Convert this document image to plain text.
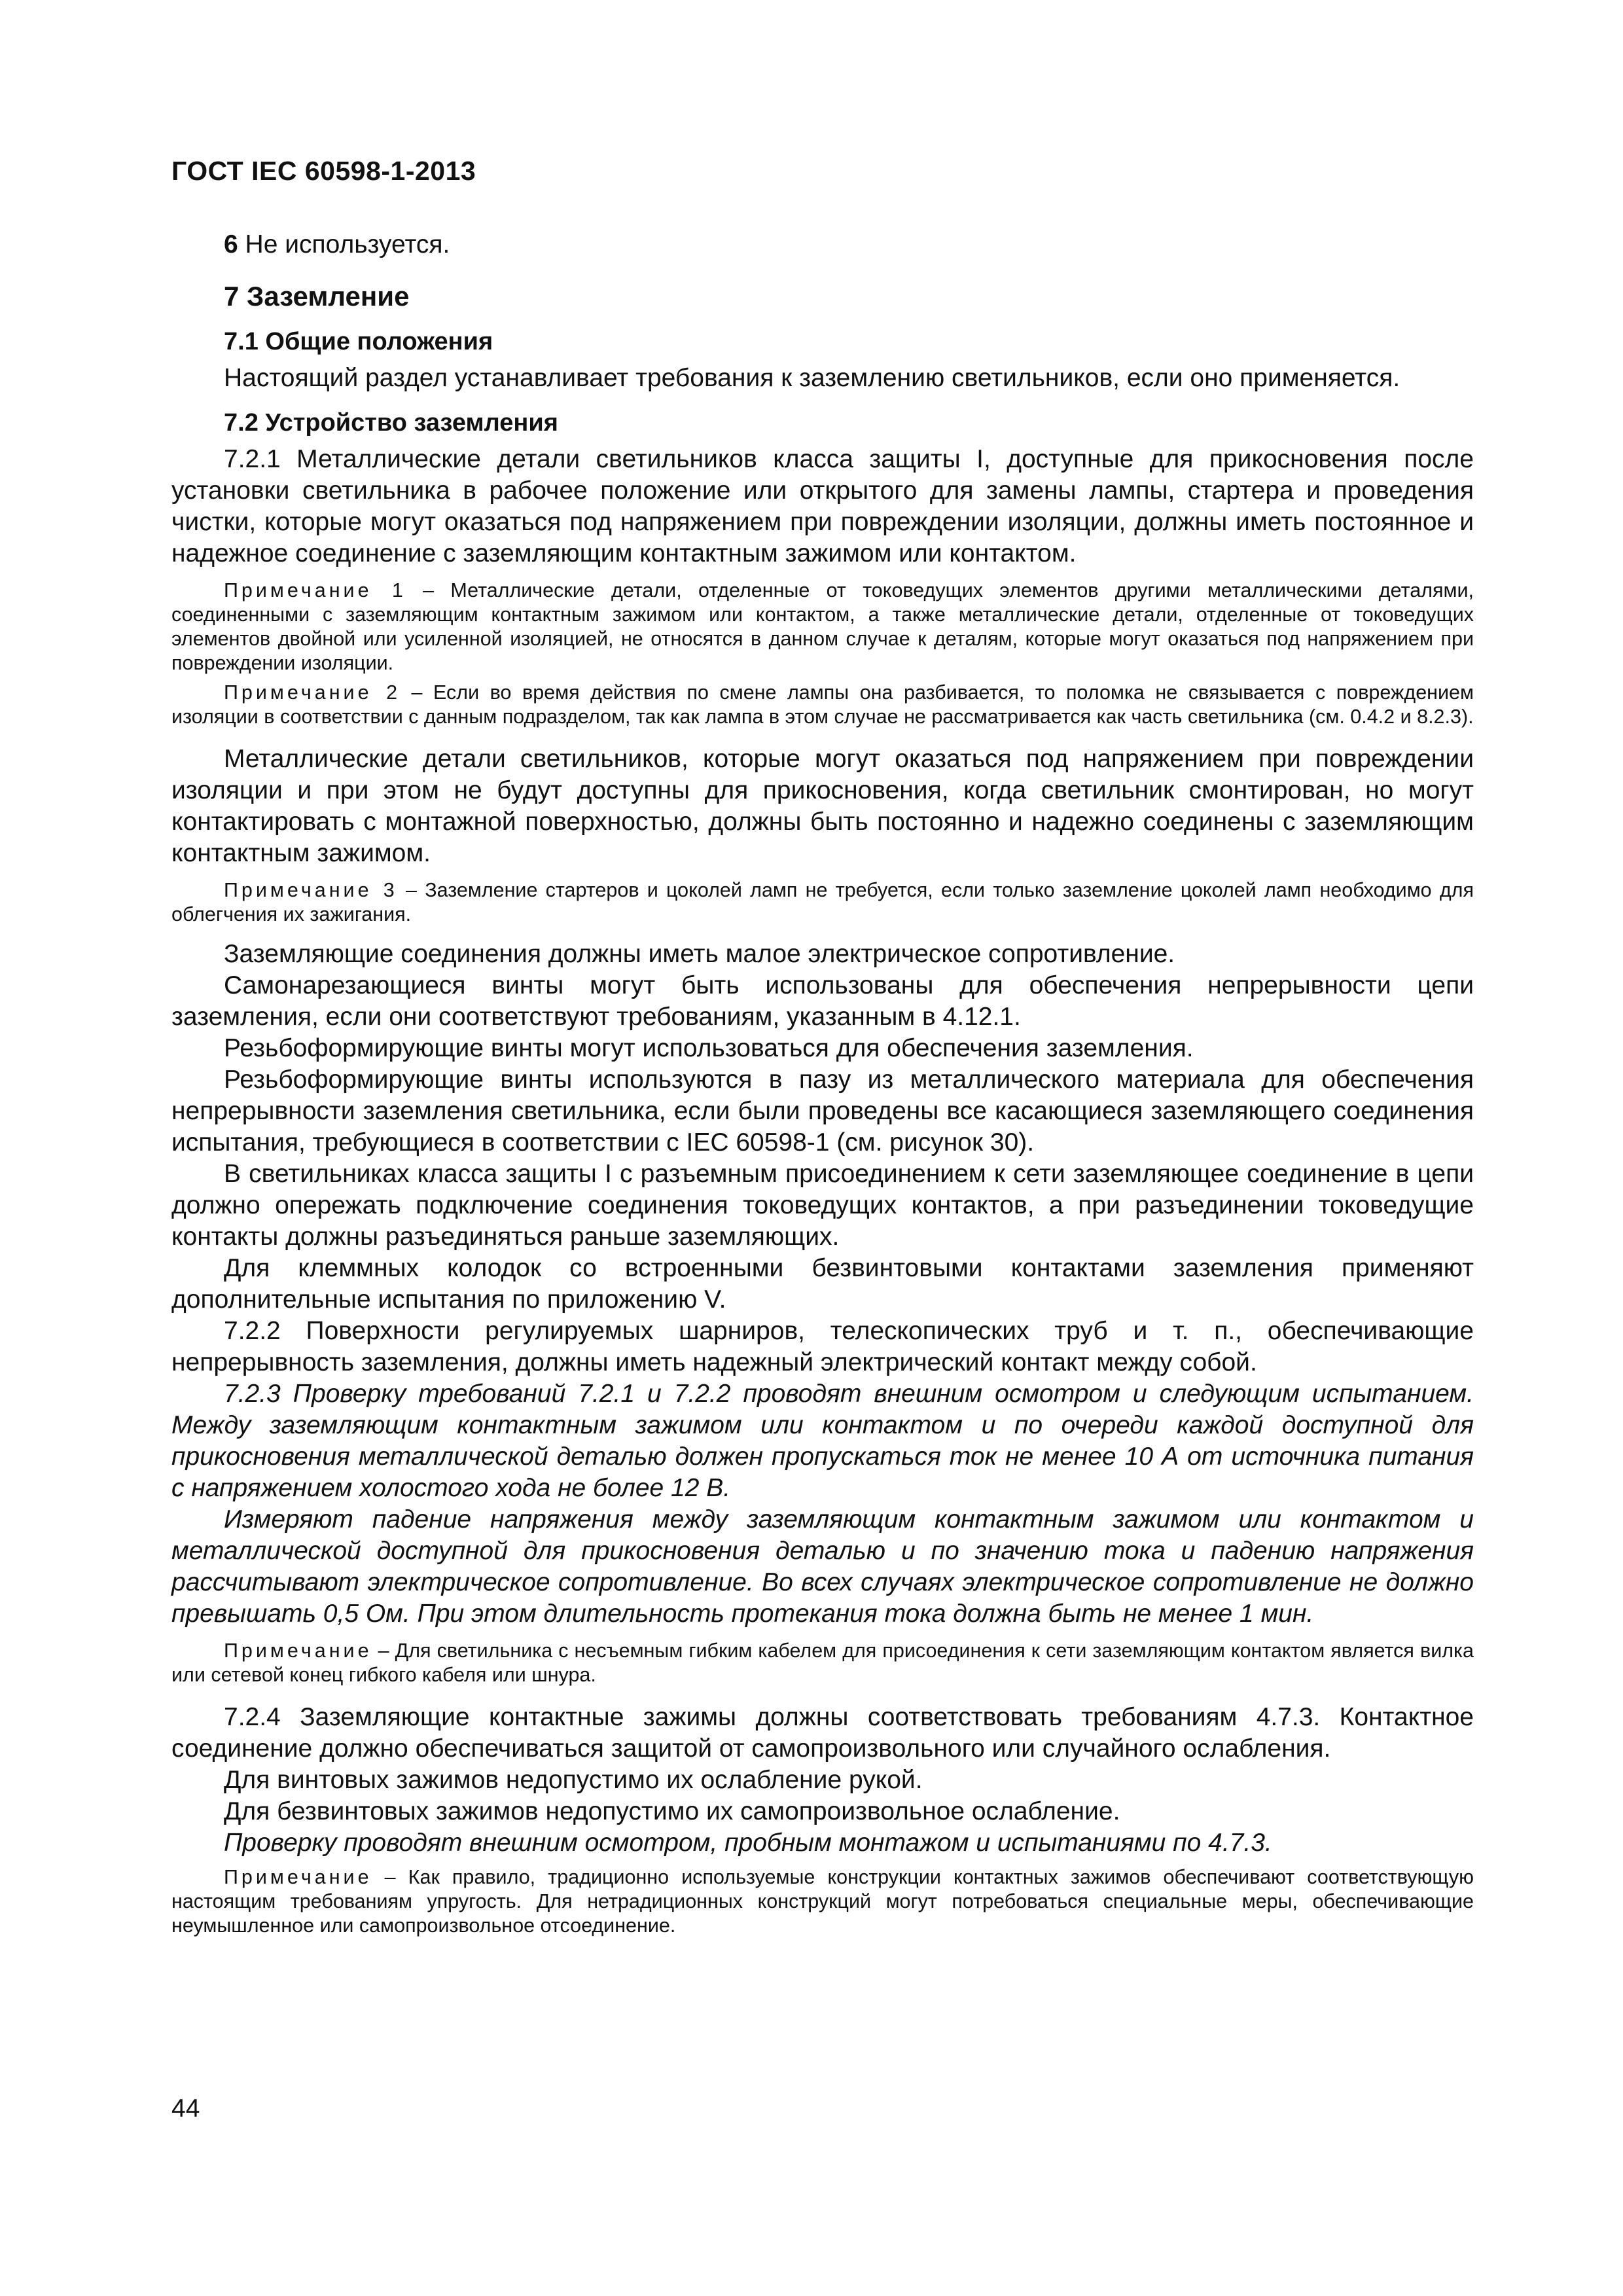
ГОСТ IEC 60598-1-2013

6 Не используется.

7 Заземление

7.1 Общие положения

Настоящий раздел устанавливает требования к заземлению светильников, если оно применяется.

7.2 Устройство заземления

7.2.1 Металлические детали светильников класса защиты I, доступные для прикосновения после установки светильника в рабочее положение или открытого для замены лампы, стартера и проведения чистки, которые могут оказаться под напряжением при повреждении изоляции, должны иметь постоянное и надежное соединение с заземляющим контактным зажимом или контактом.

Примечание 1 – Металлические детали, отделенные от токоведущих элементов другими металлическими деталями, соединенными с заземляющим контактным зажимом или контактом, а также металлические детали, отделенные от токоведущих элементов двойной или усиленной изоляцией, не относятся в данном случае к деталям, которые могут оказаться под напряжением при повреждении изоляции.

Примечание 2 – Если во время действия по смене лампы она разбивается, то поломка не связывается с повреждением изоляции в соответствии с данным подразделом, так как лампа в этом случае не рассматривается как часть светильника (см. 0.4.2 и 8.2.3).

Металлические детали светильников, которые могут оказаться под напряжением при повреждении изоляции и при этом не будут доступны для прикосновения, когда светильник смонтирован, но могут контактировать с монтажной поверхностью, должны быть постоянно и надежно соединены с заземляющим контактным зажимом.

Примечание 3 – Заземление стартеров и цоколей ламп не требуется, если только заземление цоколей ламп необходимо для облегчения их зажигания.

Заземляющие соединения должны иметь малое электрическое сопротивление.

Самонарезающиеся винты могут быть использованы для обеспечения непрерывности цепи заземления, если они соответствуют требованиям, указанным в 4.12.1.

Резьбоформирующие винты могут использоваться для обеспечения заземления.

Резьбоформирующие винты используются в пазу из металлического материала для обеспечения непрерывности заземления светильника, если были проведены все касающиеся заземляющего соединения испытания, требующиеся в соответствии с IEC 60598-1 (см. рисунок 30).

В светильниках класса защиты I с разъемным присоединением к сети заземляющее соединение в цепи должно опережать подключение соединения токоведущих контактов, а при разъединении токоведущие контакты должны разъединяться раньше заземляющих.

Для клеммных колодок со встроенными безвинтовыми контактами заземления применяют дополнительные испытания по приложению V.

7.2.2 Поверхности регулируемых шарниров, телескопических труб и т. п., обеспечивающие непрерывность заземления, должны иметь надежный электрический контакт между собой.

7.2.3 Проверку требований 7.2.1 и 7.2.2 проводят внешним осмотром и следующим испытанием. Между заземляющим контактным зажимом или контактом и по очереди каждой доступной для прикосновения металлической деталью должен пропускаться ток не менее 10 А от источника питания с напряжением холостого хода не более 12 В.

Измеряют падение напряжения между заземляющим контактным зажимом или контактом и металлической доступной для прикосновения деталью и по значению тока и падению напряжения рассчитывают электрическое сопротивление. Во всех случаях электрическое сопротивление не должно превышать 0,5 Ом. При этом длительность протекания тока должна быть не менее 1 мин.

Примечание – Для светильника с несъемным гибким кабелем для присоединения к сети заземляющим контактом является вилка или сетевой конец гибкого кабеля или шнура.

7.2.4 Заземляющие контактные зажимы должны соответствовать требованиям 4.7.3. Контактное соединение должно обеспечиваться защитой от самопроизвольного или случайного ослабления.

Для винтовых зажимов недопустимо их ослабление рукой.

Для безвинтовых зажимов недопустимо их самопроизвольное ослабление.

Проверку проводят внешним осмотром, пробным монтажом и испытаниями по 4.7.3.

Примечание – Как правило, традиционно используемые конструкции контактных зажимов обеспечивают соответствующую настоящим требованиям упругость. Для нетрадиционных конструкций могут потребоваться специальные меры, обеспечивающие неумышленное или самопроизвольное отсоединение.

44
